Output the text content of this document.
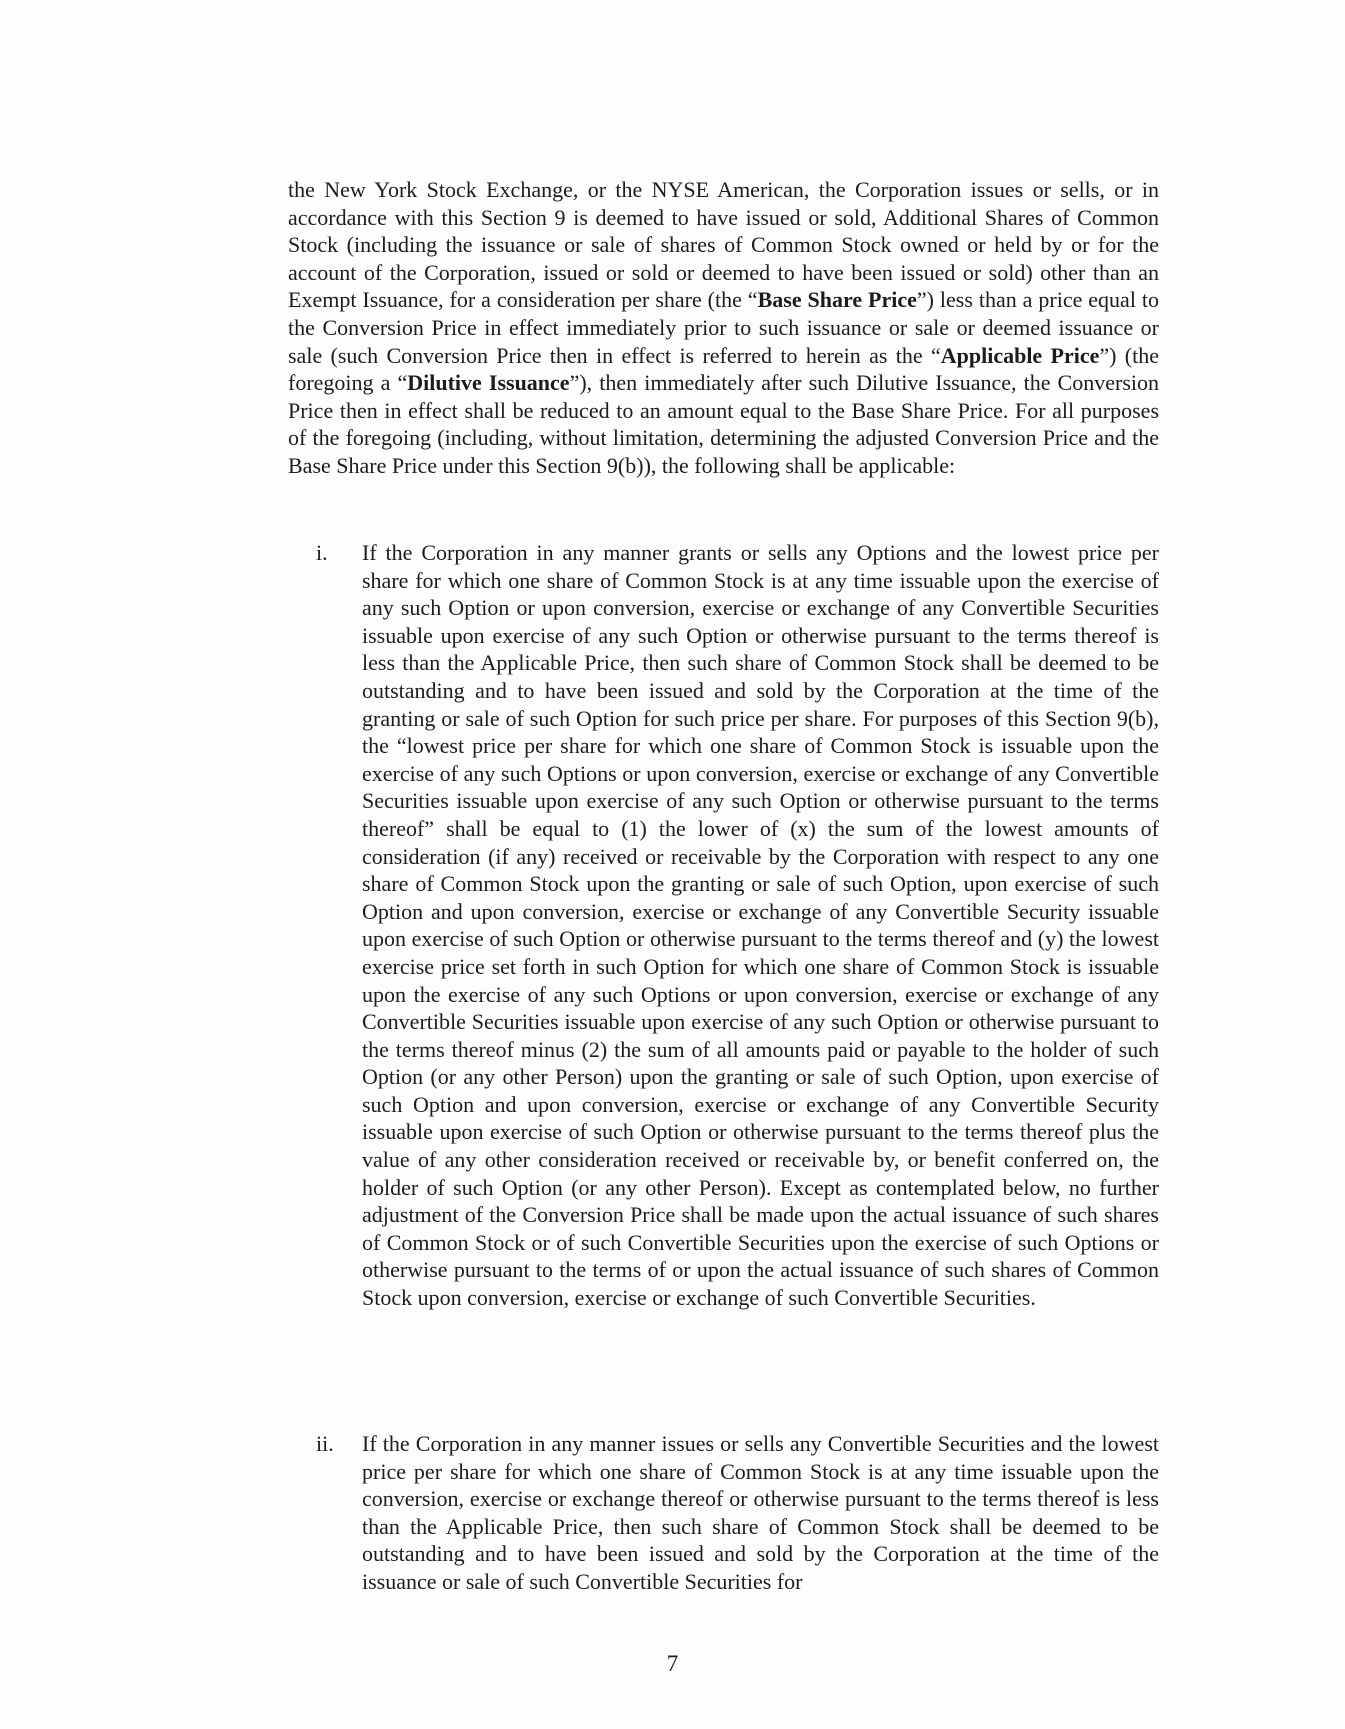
the New York Stock Exchange, or the NYSE American, the Corporation issues or sells, or in accordance with this Section 9 is deemed to have issued or sold, Additional Shares of Common Stock (including the issuance or sale of shares of Common Stock owned or held by or for the account of the Corporation, issued or sold or deemed to have been issued or sold) other than an Exempt Issuance, for a consideration per share (the “Base Share Price”) less than a price equal to the Conversion Price in effect immediately prior to such issuance or sale or deemed issuance or sale (such Conversion Price then in effect is referred to herein as the “Applicable Price”) (the foregoing a “Dilutive Issuance”), then immediately after such Dilutive Issuance, the Conversion Price then in effect shall be reduced to an amount equal to the Base Share Price. For all purposes of the foregoing (including, without limitation, determining the adjusted Conversion Price and the Base Share Price under this Section 9(b)), the following shall be applicable:

i.	If the Corporation in any manner grants or sells any Options and the lowest price per share for which one share of Common Stock is at any time issuable upon the exercise of any such Option or upon conversion, exercise or exchange of any Convertible Securities issuable upon exercise of any such Option or otherwise pursuant to the terms thereof is less than the Applicable Price, then such share of Common Stock shall be deemed to be outstanding and to have been issued and sold by the Corporation at the time of the granting or sale of such Option for such price per share. For purposes of this Section 9(b), the “lowest price per share for which one share of Common Stock is issuable upon the exercise of any such Options or upon conversion, exercise or exchange of any Convertible Securities issuable upon exercise of any such Option or otherwise pursuant to the terms thereof” shall be equal to (1) the lower of (x) the sum of the lowest amounts of consideration (if any) received or receivable by the Corporation with respect to any one share of Common Stock upon the granting or sale of such Option, upon exercise of such Option and upon conversion, exercise or exchange of any Convertible Security issuable upon exercise of such Option or otherwise pursuant to the terms thereof and (y) the lowest exercise price set forth in such Option for which one share of Common Stock is issuable upon the exercise of any such Options or upon conversion, exercise or exchange of any Convertible Securities issuable upon exercise of any such Option or otherwise pursuant to the terms thereof minus (2) the sum of all amounts paid or payable to the holder of such Option (or any other Person) upon the granting or sale of such Option, upon exercise of such Option and upon conversion, exercise or exchange of any Convertible Security issuable upon exercise of such Option or otherwise pursuant to the terms thereof plus the value of any other consideration received or receivable by, or benefit conferred on, the holder of such Option (or any other Person). Except as contemplated below, no further adjustment of the Conversion Price shall be made upon the actual issuance of such shares of Common Stock or of such Convertible Securities upon the exercise of such Options or otherwise pursuant to the terms of or upon the actual issuance of such shares of Common Stock upon conversion, exercise or exchange of such Convertible Securities.

ii.	If the Corporation in any manner issues or sells any Convertible Securities and the lowest price per share for which one share of Common Stock is at any time issuable upon the conversion, exercise or exchange thereof or otherwise pursuant to the terms thereof is less than the Applicable Price, then such share of Common Stock shall be deemed to be outstanding and to have been issued and sold by the Corporation at the time of the issuance or sale of such Convertible Securities for

7
